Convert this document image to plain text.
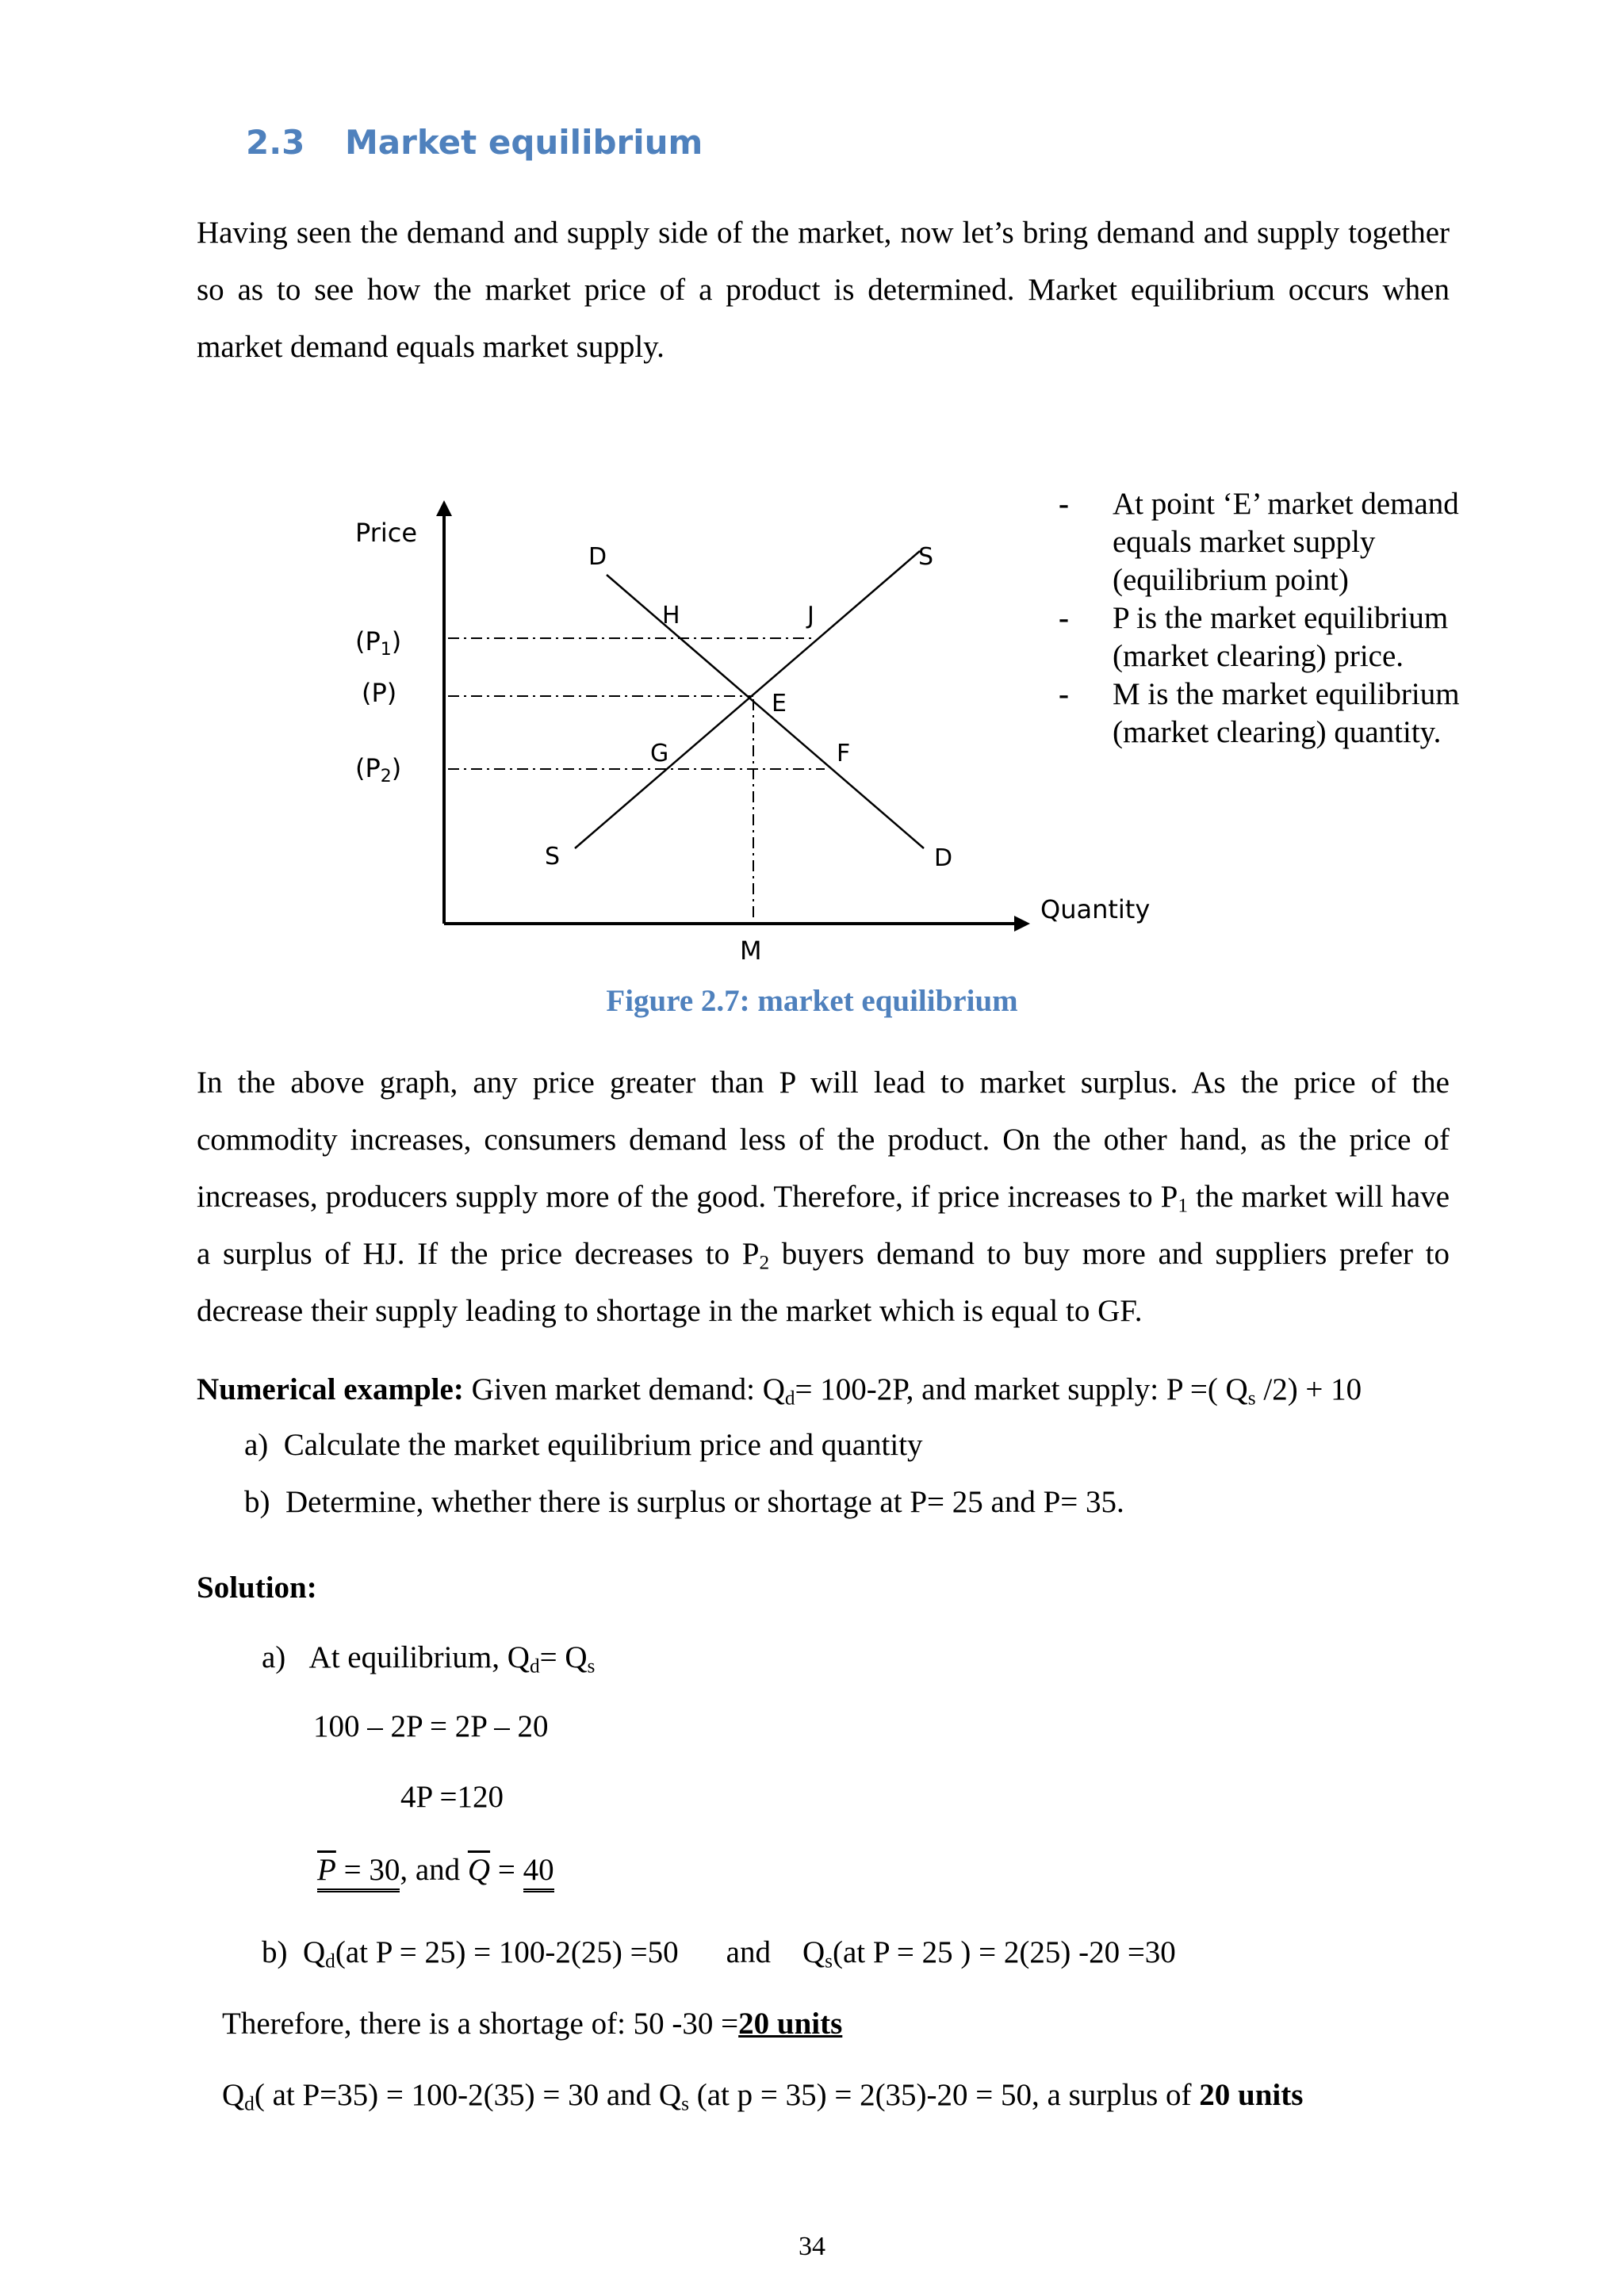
2.3 Market equilibrium
Having seen the demand and supply side of the market, now let’s bring demand and supply together so as to see how the market price of a product is determined. Market equilibrium occurs when market demand equals market supply.
Price
Quantity
(P1)
(P)
(P2)
D
D
S
S
H	J
E
G	F
M
-	At point ‘E’ market demand equals market supply (equilibrium point)
-	P is the market equilibrium (market clearing) price.
-	M is the market equilibrium (market clearing) quantity.
Figure 2.7: market equilibrium
In the above graph, any price greater than P will lead to market surplus. As the price of the commodity increases, consumers demand less of the product. On the other hand, as the price of increases, producers supply more of the good. Therefore, if price increases to $P_1$ the market will have a surplus of HJ. If the price decreases to $P_2$ buyers demand to buy more and suppliers prefer to decrease their supply leading to shortage in the market which is equal to GF.
Numerical example: Given market demand: $Q_d= 100-2P$, and market supply: P =( $Q_s$ /2) + 10
a)  Calculate the market equilibrium price and quantity
b)  Determine, whether there is surplus or shortage at P= 25 and P= 35.
Solution:
a)   At equilibrium, $Q_d= Q_s$
100 – 2P = 2P – 20
4P =120
$\overline{P} = 30$, and $\overline{Q} = 40$
b)  $Q_d(at$ P = 25) = 100-2(25) =50 and $Q_s(at$ P = 25 ) = 2(25) -20 =30
Therefore, there is a shortage of: 50 -30 =20 units
$Q_d$( at P=35) = 100-2(35) = 30 and $Q_s$ (at p = 35) = 2(35)-20 = 50, a surplus of 20 units
34
